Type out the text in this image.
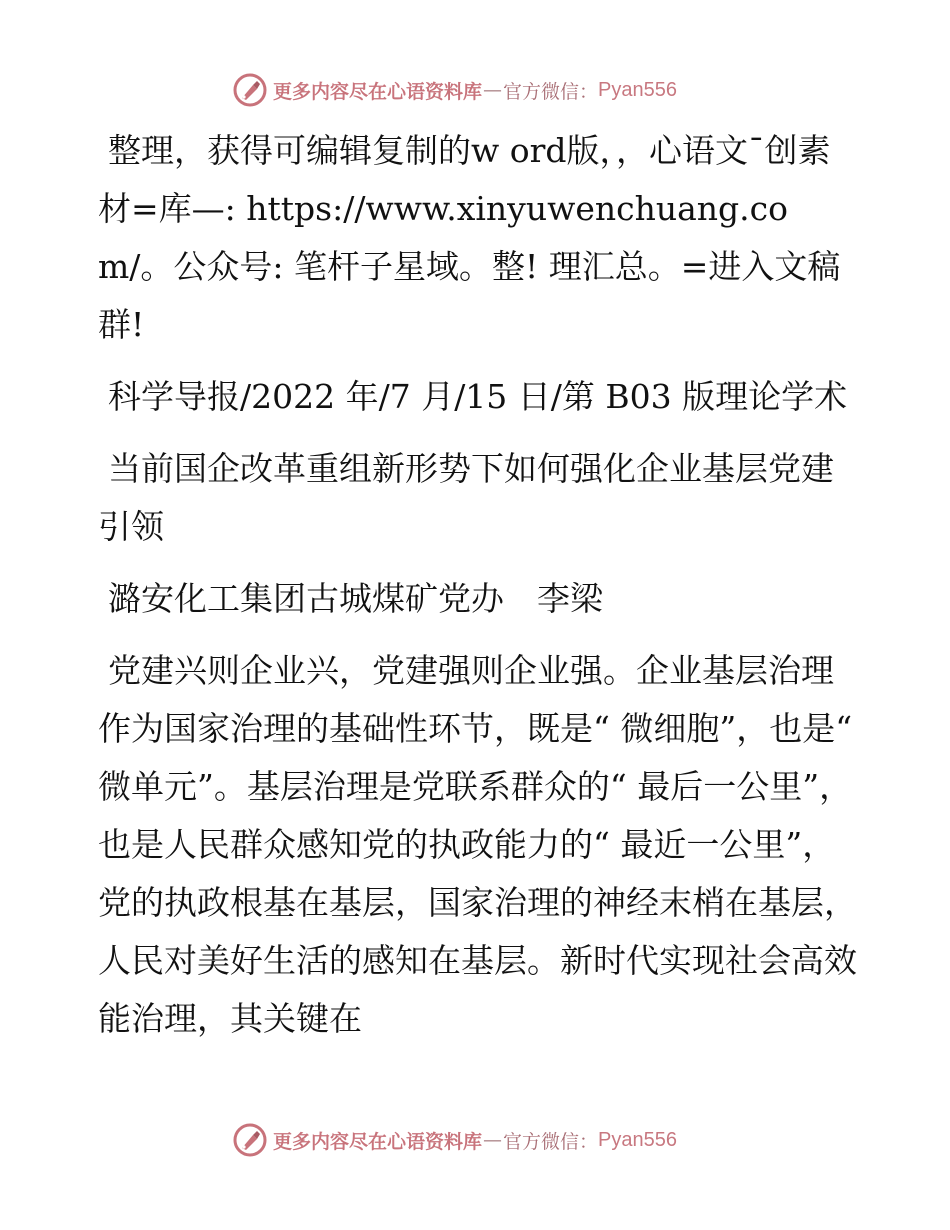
更多内容尽在心语资料库 — 官方微信： Pyan556

整理，获得可编辑复制的w ord版，，心语文¯创素材=库—: https://www.xinyuwenchuang.com/。公众号: 笔杆子星域。整! 理汇总。=进入文稿群!

科学导报/2022 年/7 月/15 日/第 B03 版理论学术

当前国企改革重组新形势下如何强化企业基层党建引领

潞安化工集团古城煤矿党办　李梁

党建兴则企业兴，党建强则企业强。企业基层治理作为国家治理的基础性环节，既是“ 微细胞”，也是“ 微单元”。基层治理是党联系群众的“ 最后一公里”，也是人民群众感知党的执政能力的“ 最近一公里”，党的执政根基在基层，国家治理的神经末梢在基层，人民对美好生活的感知在基层。新时代实现社会高效能治理，其关键在

更多内容尽在心语资料库 — 官方微信： Pyan556
